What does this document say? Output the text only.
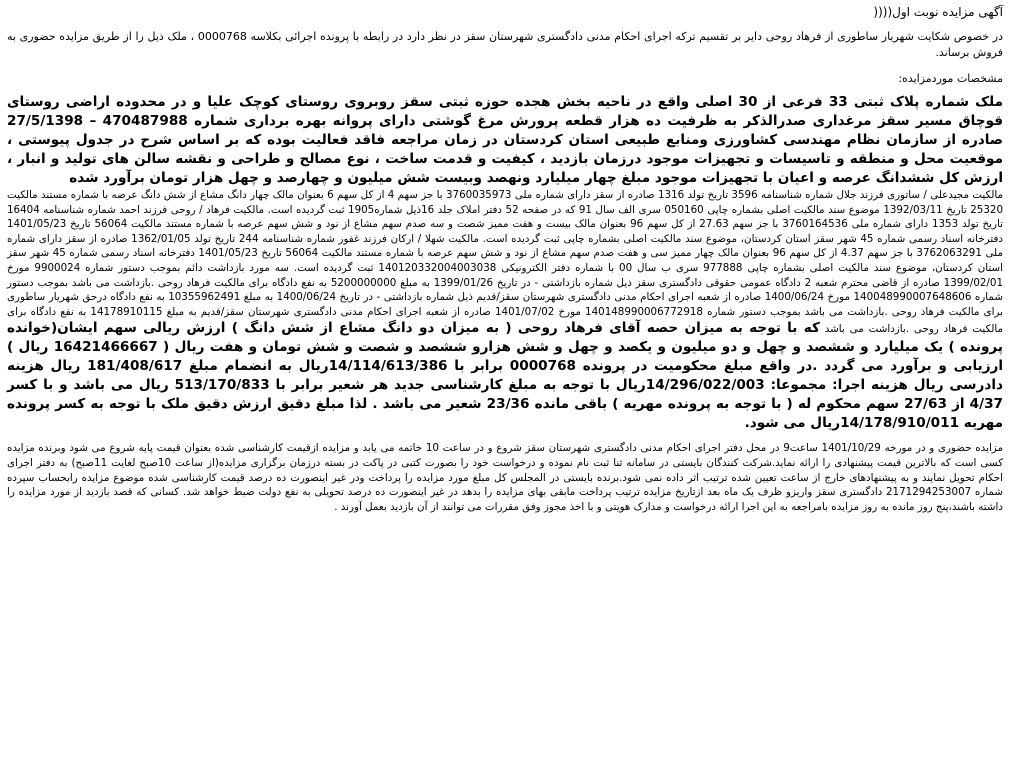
آگهی مزایده نوبت اول((((

در خصوص شکایت شهریار ساطوری از فرهاد روحی دایر بر تقسیم ترکه اجرای احکام مدنی دادگستری شهرستان سقز در نظر دارد در رابطه با پرونده اجرائی بکلاسه 0000768 ، ملک ذیل را از طریق مزایده حضوری به فروش برساند.

مشخصات موردمزایده:

ملک شماره پلاک ثبتی 33 فرعی از 30 اصلی واقع در ناحیه بخش هجده حوزه ثبتی سقز روبروی روستای کوچک علیا و در محدوده اراضی روستای قوچاق مسیر سقز مرغداری صدرالذکر به ظرفیت ده هزار قطعه پرورش مرغ گوشتی دارای پروانه بهره برداری شماره 470487988 – 27/5/1398 صادره از سازمان نظام مهندسی کشاورزی ومنابع طبیعی استان کردستان در زمان مراجعه فاقد فعالیت بوده که بر اساس شرح در جدول پیوستی ، موقعیت محل و منطقه و تاسیسات و تجهیزات موجود درزمان بازدید ، کیفیت و قدمت ساخت ، نوع مصالح و طراحی و نقشه سالن های تولید و انبار ، ارزش کل ششدانگ عرصه و اعیان با تجهیزات موجود مبلغ چهار میلیارد ونهصد وبیست شش میلیون و چهارصد و چهل هزار تومان برآورد شده

مالکیت مجیدعلی / ساتوری فرزند جلال شماره شناسنامه 3596 تاریخ تولد 1316 صادره از سقز دارای شماره ملی 3760035973 با جز سهم 4 از کل سهم 6 بعنوان مالک چهار دانگ مشاع از شش دانگ عرصه با شماره مستند مالکیت 25320 تاریخ 1392/03/11 موضوع سند مالکیت اصلی بشماره چاپی 050160 سری الف سال 91 که در صفحه 52 دفتر املاک جلد 16ذیل شماره1905 ثبت گردیده است. مالکیت فرهاد / روحی فرزند احمد شماره شناسنامه 16404 تاریخ تولد 1353 دارای شماره ملی 3760164536 با جز سهم 27.63 از کل سهم 96 بعنوان مالک بیست و هفت ممیز شصت و سه صدم سهم مشاع از نود و شش سهم عرصه با شماره مستند مالکیت 56064 تاریخ 1401/05/23 دفترخانه اسناد رسمی شماره 45 شهر سقز استان کردستان، موضوع سند مالکیت اصلی بشماره چاپی ثبت گردیده است. مالکیت شهلا / ارکان فرزند غفور شماره شناسنامه 244 تاریخ تولد 1362/01/05 صادره از سقز دارای شماره ملی 3762063291 با جز سهم 4.37 از کل سهم 96 بعنوان مالک چهار ممیز سی و هفت صدم سهم مشاع از نود و شش سهم عرصه با شماره مستند مالکیت 56064 تاریخ 1401/05/23 دفترخانه اسناد رسمی شماره 45 شهر سقز استان کردستان، موضوع سند مالکیت اصلی بشماره چاپی 977888 سری ب سال 00 با شماره دفتر الکترونیکی 140120332004003038 ثبت گردیده است. سه مورد بازداشت دائم بموجب دستور شماره 9900024 مورخ 1399/02/01 صادره از قاضی محترم شعبه 2 دادگاه عمومی حقوقی دادگستری سقز ذیل شماره بازداشتی - در تاریخ 1399/01/26 به مبلغ 5200000000 به نفع دادگاه برای مالکیت فرهاد روحی .بازداشت می باشد بموجب دستور شماره 140048990007648606 مورخ 1400/06/24 صادره از شعبه اجرای احکام مدنی دادگستری شهرستان سقز/قدیم ذیل شماره بازداشتی - در تاریخ 1400/06/24 به مبلغ 10355962491 به نفع دادگاه درحق شهریار ساطوری برای مالکیت فرهاد روحی .بازداشت می باشد بموجب دستور شماره 140148990006772918 مورخ 1401/07/02 صادره از شعبه اجرای احکام مدنی دادگستری شهرستان سقز/قدیم به مبلغ 14178910115 به نفع دادگاه برای مالکیت فرهاد روحی .بازداشت می باشد که با توجه به میزان حصه آقای فرهاد روحی ( به میزان دو دانگ مشاع از شش دانگ ) ارزش ریالی سهم ایشان(خوانده پرونده ) یک میلیارد و ششصد و چهل و دو میلیون و یکصد و چهل و شش هزارو ششصد و شصت و شش تومان و هفت ریال ( 16421466667 ریال ) ارزیابی و برآورد می گردد .در واقع مبلغ محکومیت در پرونده 0000768 برابر با 14/114/613/386ریال به انضمام مبلغ 181/408/617 ریال هزینه دادرسی ریال هزینه اجرا: مجموعا: 14/296/022/003ریال با توجه به مبلغ کارشناسی جدید هر شعیر برابر با 513/170/833 ریال می باشد و با کسر 4/37 از 27/63 سهم محکوم له ( با توجه به پرونده مهریه ) باقی مانده 23/36 شعیر می باشد . لذا مبلغ دقیق ارزش دقیق ملک با توجه به کسر پرونده مهریه 14/178/910/011ریال می شود.

مزایده حضوری و در مورخه 1401/10/29 ساعت9 در محل دفتر اجرای احکام مدنی دادگستری شهرستان سقز شروع و در ساعت 10 خاتمه می یابد و مزایده ازقیمت کارشناسی شده بعنوان قیمت پایه شروع می شود وبرنده مزایده کسی است که بالاترین قیمت پیشنهادی را ارائه نماید.شرکت کنندگان بایستی در سامانه ثنا ثبت نام نموده و درخواست خود را بصورت کتبی در پاکت در بسته درزمان برگزاری مزایده(از ساعت 10صبح لغایت 11صبح) به دفتر اجرای احکام تحویل نمایند و به پیشنهادهای خارج از ساعت تعیین شده ترتیب اثر داده نمی شود.برنده بایستی در المجلس کل مبلغ مورد مزایده را پرداخت ودر غیر اینصورت ده درصد قیمت کارشناسی شده موضوع مزایده رابحساب سپرده شماره 2171294253007 دادگستری سقز واریزو ظرف یک ماه بعد ازتاریخ مزایده ترتیب پرداخت مابقی بهای مزایده را بدهد در غیر اینصورت ده درصد تحویلی به نفع دولت ضبط خواهد شد. کسانی که قصد بازدید از مورد مزایده را داشته باشند،پنج روز مانده به روز مزایده بامراجعه به این اجرا ارائه درخواست و مدارک هویتی و با اخذ مجوز وفق مقررات می توانند از آن بازدید بعمل آورند .
